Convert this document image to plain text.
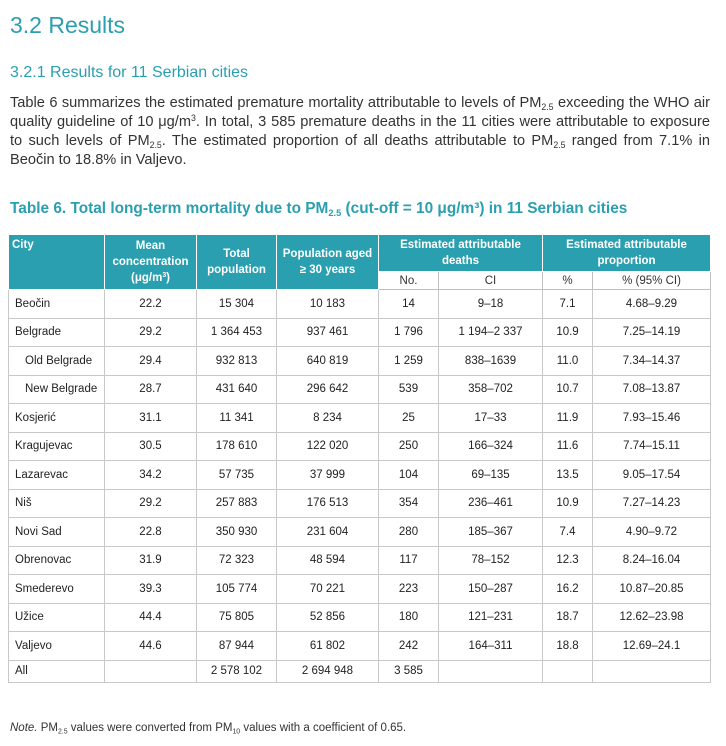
3.2 Results
3.2.1 Results for 11 Serbian cities
Table 6 summarizes the estimated premature mortality attributable to levels of $PM_{2.5}$ exceeding the WHO air quality guideline of 10 $\mu g/m^3$. In total, 3 585 premature deaths in the 11 cities were attributable to exposure to such levels of $PM_{2.5}$. The estimated proportion of all deaths attributable to $PM_{2.5}$ ranged from 7.1% in Beočin to 18.8% in Valjevo.
Table 6. Total long-term mortality due to $PM_{2.5}$ (cut-off = 10 μg/m³) in 11 Serbian cities
City	Mean concentration $(\mu g/m^3)$	Total population	Population aged ≥ 30 years	Estimated attributable deaths		Estimated attributable proportion	
				No.	CI	%	% (95% CI)
Beočin	22.2	15 304	10 183	14	9–18	7.1	4.68–9.29
Belgrade	29.2	1 364 453	937 461	1 796	1 194–2 337	10.9	7.25–14.19
Old Belgrade	29.4	932 813	640 819	1 259	838–1639	11.0	7.34–14.37
New Belgrade	28.7	431 640	296 642	539	358–702	10.7	7.08–13.87
Kosjerić	31.1	11 341	8 234	25	17–33	11.9	7.93–15.46
Kragujevac	30.5	178 610	122 020	250	166–324	11.6	7.74–15.11
Lazarevac	34.2	57 735	37 999	104	69–135	13.5	9.05–17.54
Niš	29.2	257 883	176 513	354	236–461	10.9	7.27–14.23
Novi Sad	22.8	350 930	231 604	280	185–367	7.4	4.90–9.72
Obrenovac	31.9	72 323	48 594	117	78–152	12.3	8.24–16.04
Smederevo	39.3	105 774	70 221	223	150–287	16.2	10.87–20.85
Užice	44.4	75 805	52 856	180	121–231	18.7	12.62–23.98
Valjevo	44.6	87 944	61 802	242	164–311	18.8	12.69–24.1
All		2 578 102	2 694 948	3 585			
Note. $PM_{2.5}$ values were converted from $PM_{10}$ values with a coefficient of 0.65.
